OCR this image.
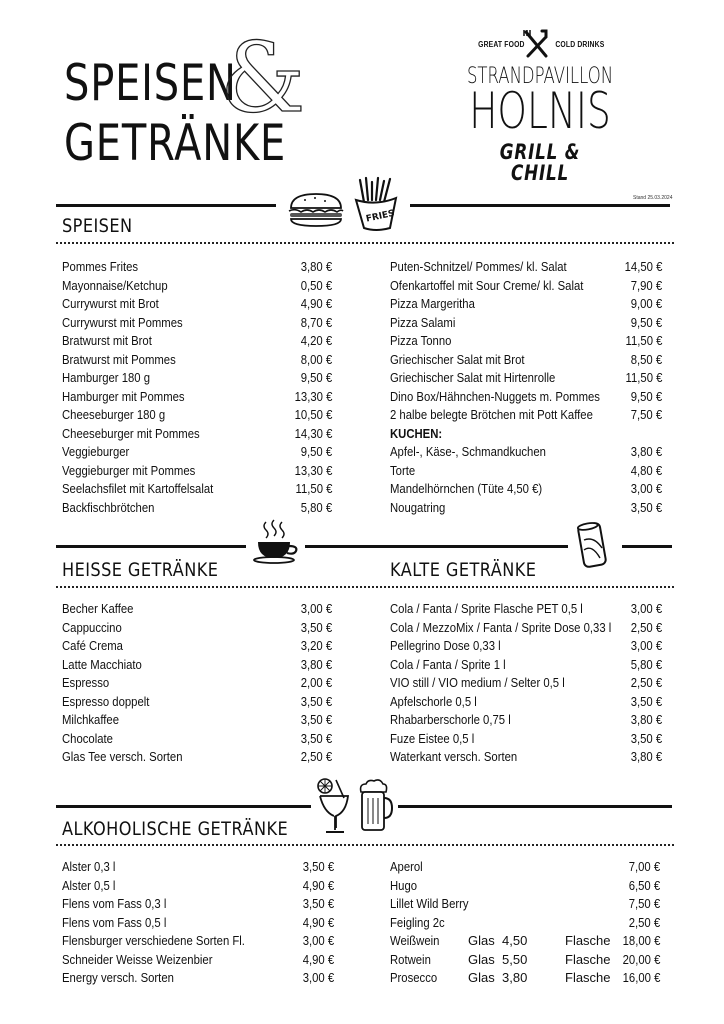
SPEISEN
&
GETRÄNKE
GREAT FOOD	COLD DRINKS
STRANDPAVILLON
HOLNIS
GRILL & CHILL
Stand 25.03.2024
FRIES
SPEISEN
Pommes Frites	3,80 €
Mayonnaise/Ketchup	0,50 €
Currywurst mit Brot	4,90 €
Currywurst mit Pommes	8,70 €
Bratwurst mit Brot	4,20 €
Bratwurst mit Pommes	8,00 €
Hamburger 180 g	9,50 €
Hamburger mit Pommes	13,30 €
Cheeseburger 180 g	10,50 €
Cheeseburger mit Pommes	14,30 €
Veggieburger	9,50 €
Veggieburger mit Pommes	13,30 €
Seelachsfilet mit Kartoffelsalat	11,50 €
Backfischbrötchen	5,80 €
Puten-Schnitzel/ Pommes/ kl. Salat	14,50 €
Ofenkartoffel mit Sour Creme/ kl. Salat	7,90 €
Pizza Margeritha	9,00 €
Pizza Salami	9,50 €
Pizza Tonno	11,50 €
Griechischer Salat mit Brot	8,50 €
Griechischer Salat mit Hirtenrolle	11,50 €
Dino Box/Hähnchen-Nuggets m. Pommes 9,50 €
2 halbe belegte Brötchen mit Pott Kaffee	7,50 €
KUCHEN:
Apfel-, Käse-, Schmandkuchen	3,80 €
Torte	4,80 €
Mandelhörnchen (Tüte 4,50 €)	3,00 €
Nougatring	3,50 €
HEISSE GETRÄNKE	KALTE GETRÄNKE
Becher Kaffee	3,00 €
Cappuccino	3,50 €
Café Crema	3,20 €
Latte Macchiato	3,80 €
Espresso	2,00 €
Espresso doppelt	3,50 €
Milchkaffee	3,50 €
Chocolate	3,50 €
Glas Tee versch. Sorten	2,50 €
Cola / Fanta / Sprite Flasche PET 0,5 l	3,00 €
Cola / MezzoMix / Fanta / Sprite Dose 0,33 l 2,50 €
Pellegrino Dose 0,33 l	3,00 €
Cola / Fanta / Sprite 1 l	5,80 €
VIO still / VIO medium / Selter 0,5 l	2,50 €
Apfelschorle 0,5 l	3,50 €
Rhabarberschorle 0,75 l	3,80 €
Fuze Eistee 0,5 l	3,50 €
Waterkant versch. Sorten	3,80 €
ALKOHOLISCHE GETRÄNKE
Alster 0,3 l	3,50 €
Alster 0,5 l	4,90 €
Flens vom Fass 0,3 l	3,50 €
Flens vom Fass 0,5 l	4,90 €
Flensburger verschiedene Sorten Fl.	3,00 €
Schneider Weisse Weizenbier	4,90 €
Energy versch. Sorten	3,00 €
Aperol	7,00 €
Hugo	6,50 €
Lillet Wild Berry	7,50 €
Feigling 2c	2,50 €
Weißwein Glas 4,50	Flasche 18,00 €
Rotwein	Glas 5,50	Flasche 20,00 €
Prosecco Glas 3,80	Flasche 16,00 €
